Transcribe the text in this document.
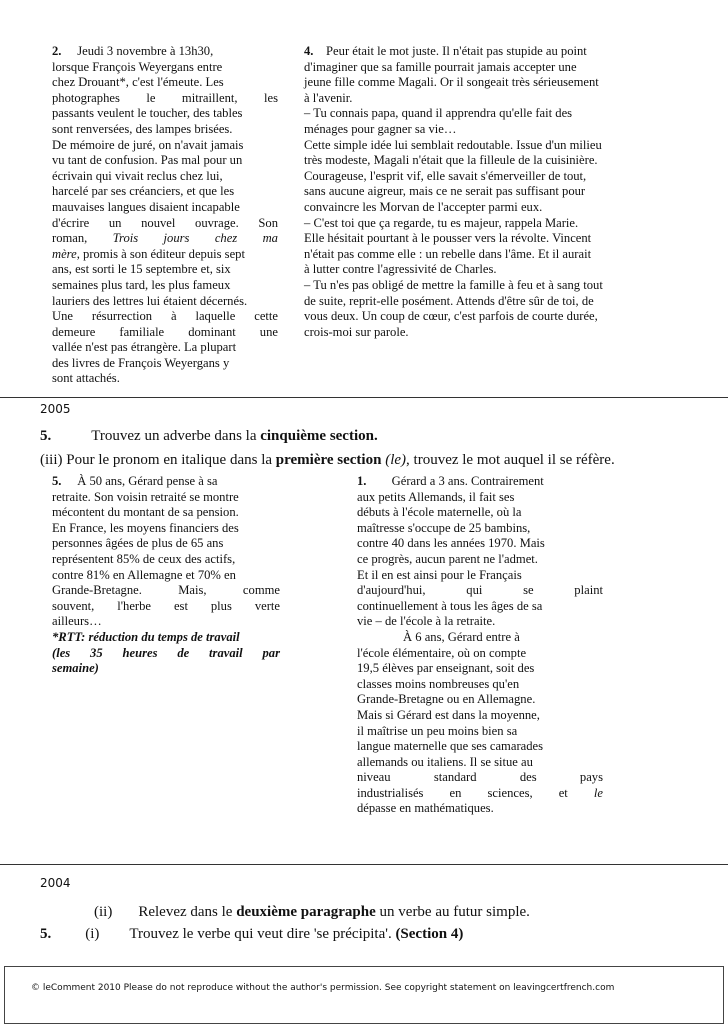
2. Jeudi 3 novembre à 13h30,

lorsque François Weyergans entre

chez Drouant*, c'est l'émeute. Les

photographes le mitraillent, les

passants veulent le toucher, des tables

sont renversées, des lampes brisées.

De mémoire de juré, on n'avait jamais

vu tant de confusion. Pas mal pour un

écrivain qui vivait reclus chez lui,

harcelé par ses créanciers, et que les

mauvaises langues disaient incapable

d'écrire un nouvel ouvrage. Son

roman, Trois jours chez ma

mère, promis à son éditeur depuis sept

ans, est sorti le 15 septembre et, six

semaines plus tard, les plus fameux

lauriers des lettres lui étaient décernés.

Une résurrection à laquelle cette

demeure familiale dominant une

vallée n'est pas étrangère. La plupart

des livres de François Weyergans y

sont attachés.

4. Peur était le mot juste. Il n'était pas stupide au point

d'imaginer que sa famille pourrait jamais accepter une

jeune fille comme Magali. Or il songeait très sérieusement

à l'avenir.

– Tu connais papa, quand il apprendra qu'elle fait des

ménages pour gagner sa vie…

Cette simple idée lui semblait redoutable. Issue d'un milieu

très modeste, Magali n'était que la filleule de la cuisinière.

Courageuse, l'esprit vif, elle savait s'émerveiller de tout,

sans aucune aigreur, mais ce ne serait pas suffisant pour

convaincre les Morvan de l'accepter parmi eux.

– C'est toi que ça regarde, tu es majeur, rappela Marie.

Elle hésitait pourtant à le pousser vers la révolte. Vincent

n'était pas comme elle : un rebelle dans l'âme. Et il aurait

à lutter contre l'agressivité de Charles.

– Tu n'es pas obligé de mettre la famille à feu et à sang tout

de suite, reprit-elle posément. Attends d'être sûr de toi, de

vous deux. Un coup de cœur, c'est parfois de courte durée,

crois-moi sur parole.

2005
5.	Trouvez un adverbe dans la cinquième section.
(iii) Pour le pronom en italique dans la première section (le), trouvez le mot auquel il se réfère.

5. À 50 ans, Gérard pense à sa

retraite. Son voisin retraité se montre

mécontent du montant de sa pension.

En France, les moyens financiers des

personnes âgées de plus de 65 ans

représentent 85% de ceux des actifs,

contre 81% en Allemagne et 70% en

Grande-Bretagne. Mais, comme

souvent, l'herbe est plus verte

ailleurs…

*RTT: réduction du temps de travail

(les 35 heures de travail par

semaine)

1. Gérard a 3 ans. Contrairement

aux petits Allemands, il fait ses

débuts à l'école maternelle, où la

maîtresse s'occupe de 25 bambins,

contre 40 dans les années 1970. Mais

ce progrès, aucun parent ne l'admet.

Et il en est ainsi pour le Français

d'aujourd'hui, qui se plaint

continuellement à tous les âges de sa

vie – de l'école à la retraite.

À 6 ans, Gérard entre à

l'école élémentaire, où on compte

19,5 élèves par enseignant, soit des

classes moins nombreuses qu'en

Grande-Bretagne ou en Allemagne.

Mais si Gérard est dans la moyenne,

il maîtrise un peu moins bien sa

langue maternelle que ses camarades

allemands ou italiens. Il se situe au

niveau standard des pays

industrialisés en sciences, et le

dépasse en mathématiques.

2004
(ii) Relevez dans le deuxième paragraphe un verbe au futur simple.
5. (i) Trouvez le verbe qui veut dire 'se précipita'. (Section 4)
© leComment 2010 Please do not reproduce without the author's permission. See copyright statement on leavingcertfrench.com
